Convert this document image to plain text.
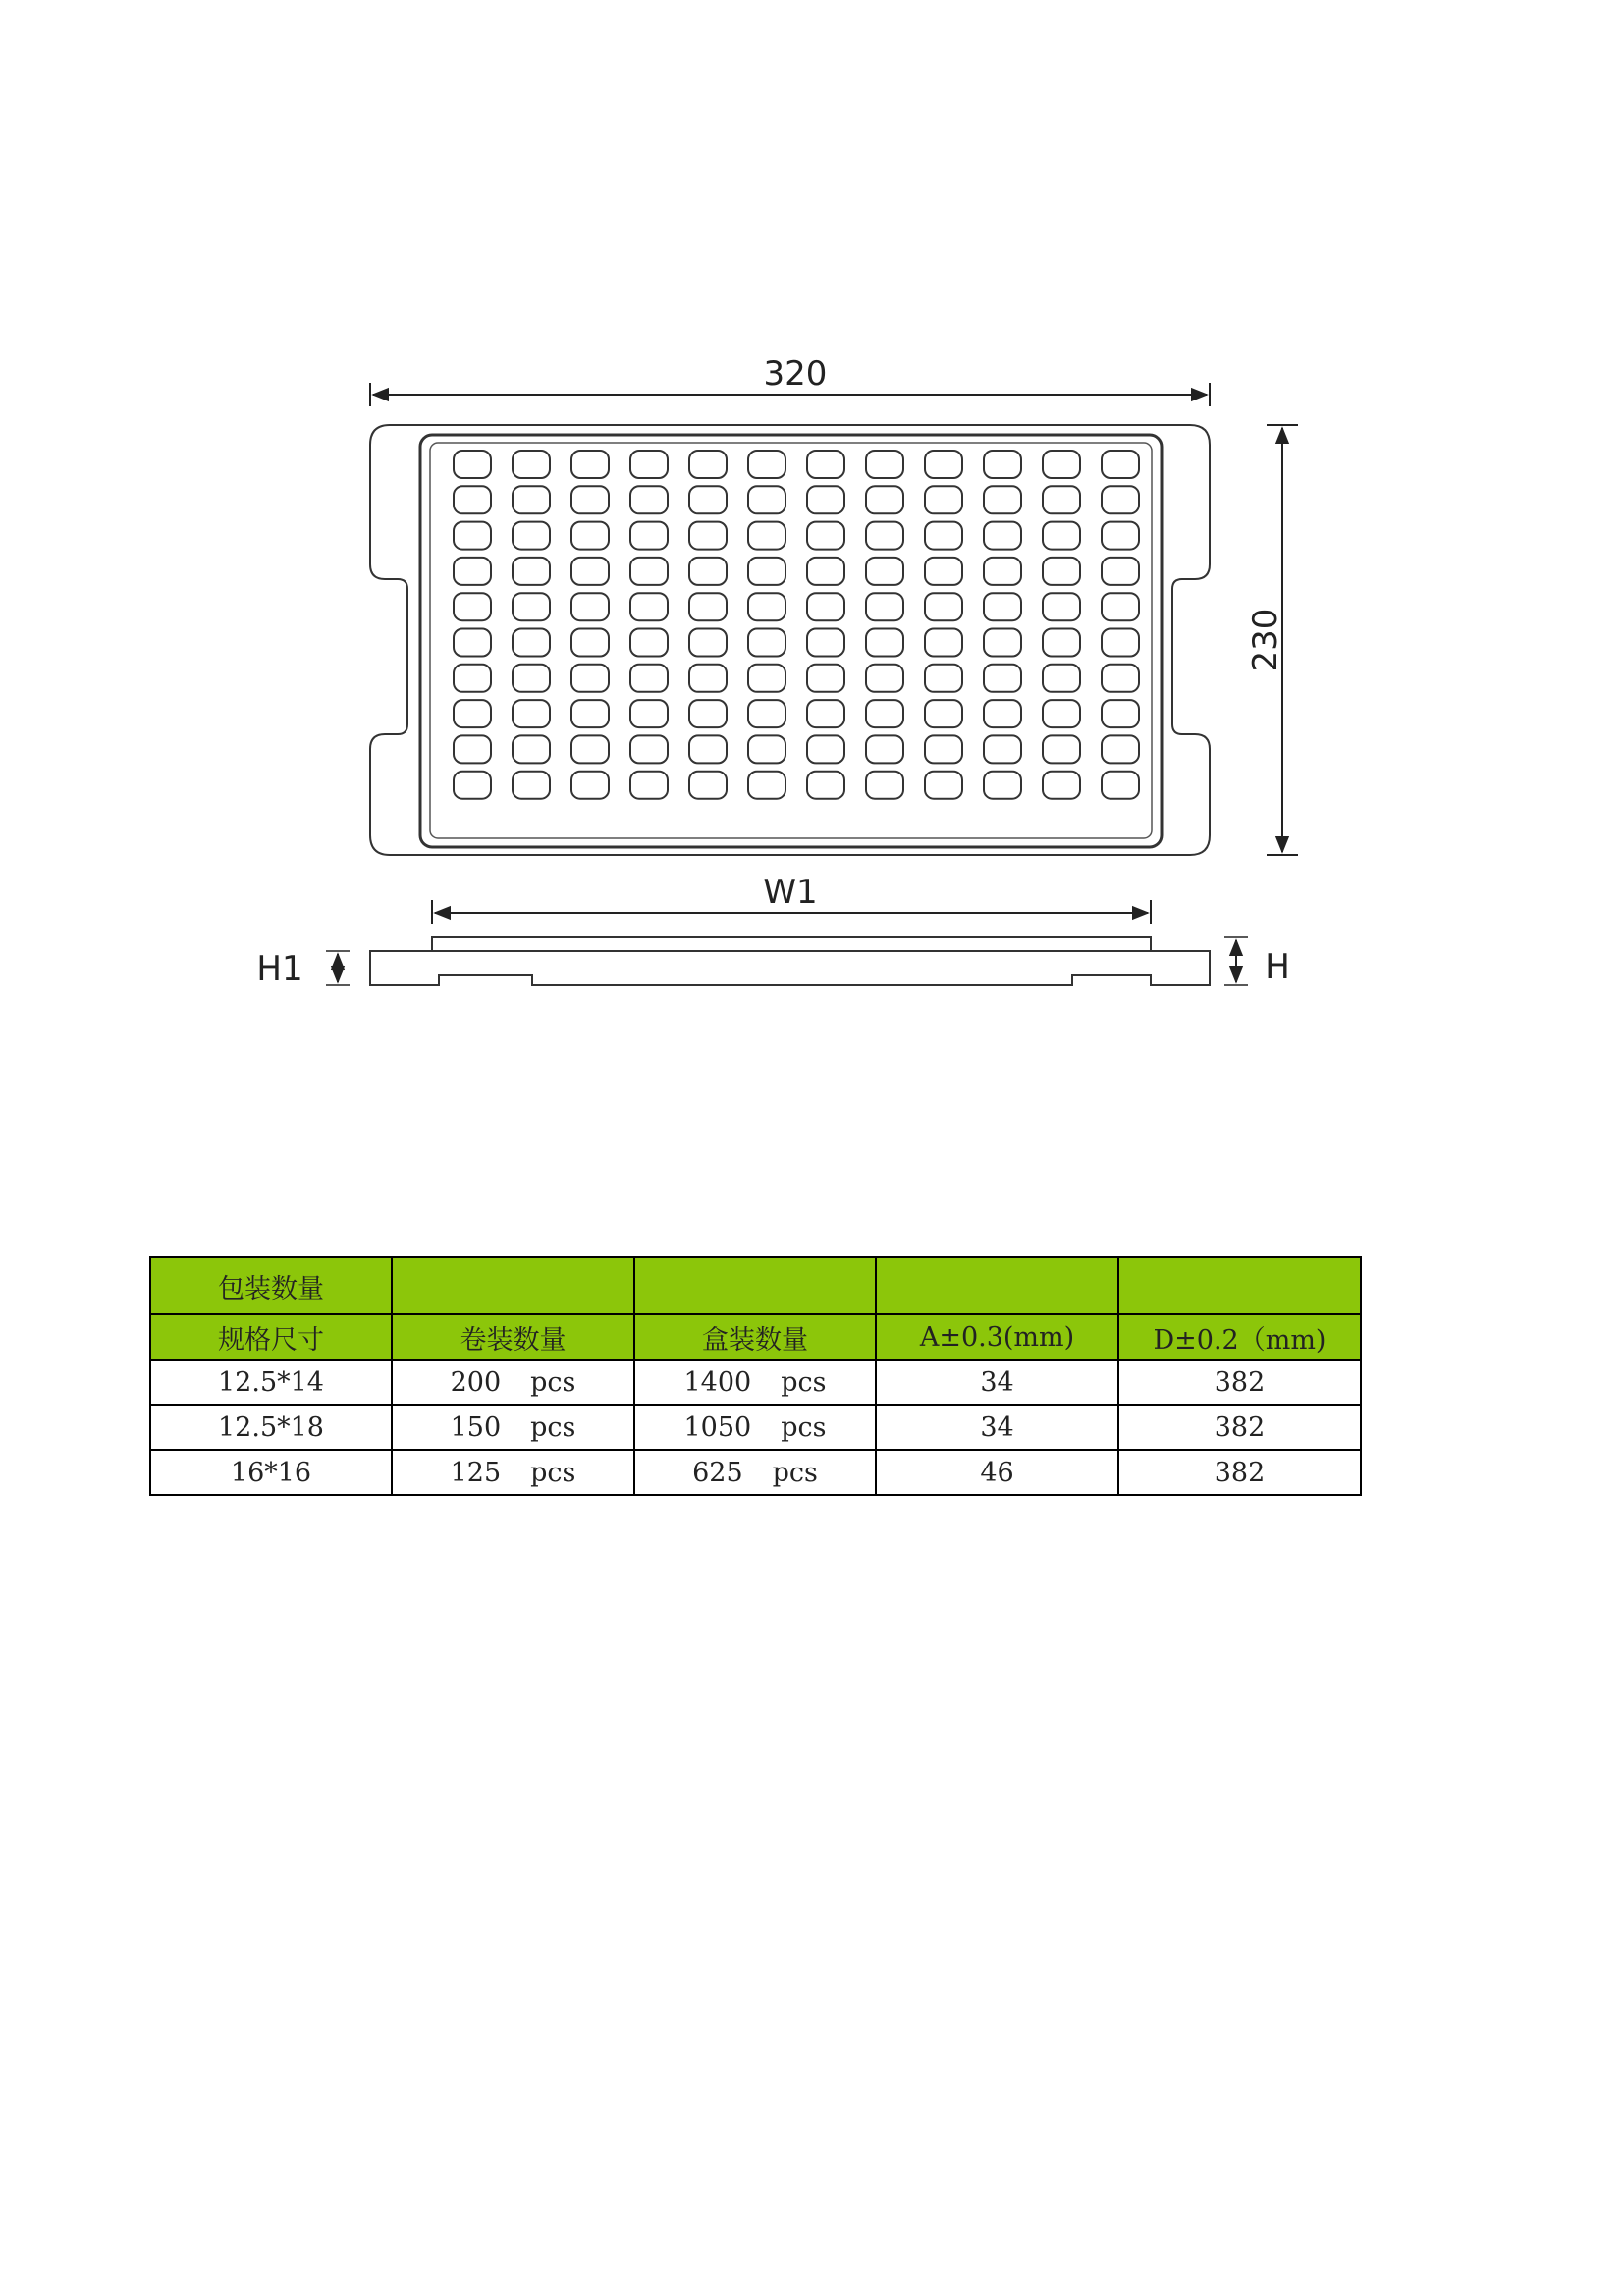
320
230
W1
H1	H
包装数量				
规格尺寸	卷装数量	盒装数量	A±0.3(mm)	D±0.2（mm)
12.5*14	200 pcs	1400 pcs	34	382
12.5*18	150 pcs	1050 pcs	34	382
16*16	125 pcs	625 pcs	46	382
